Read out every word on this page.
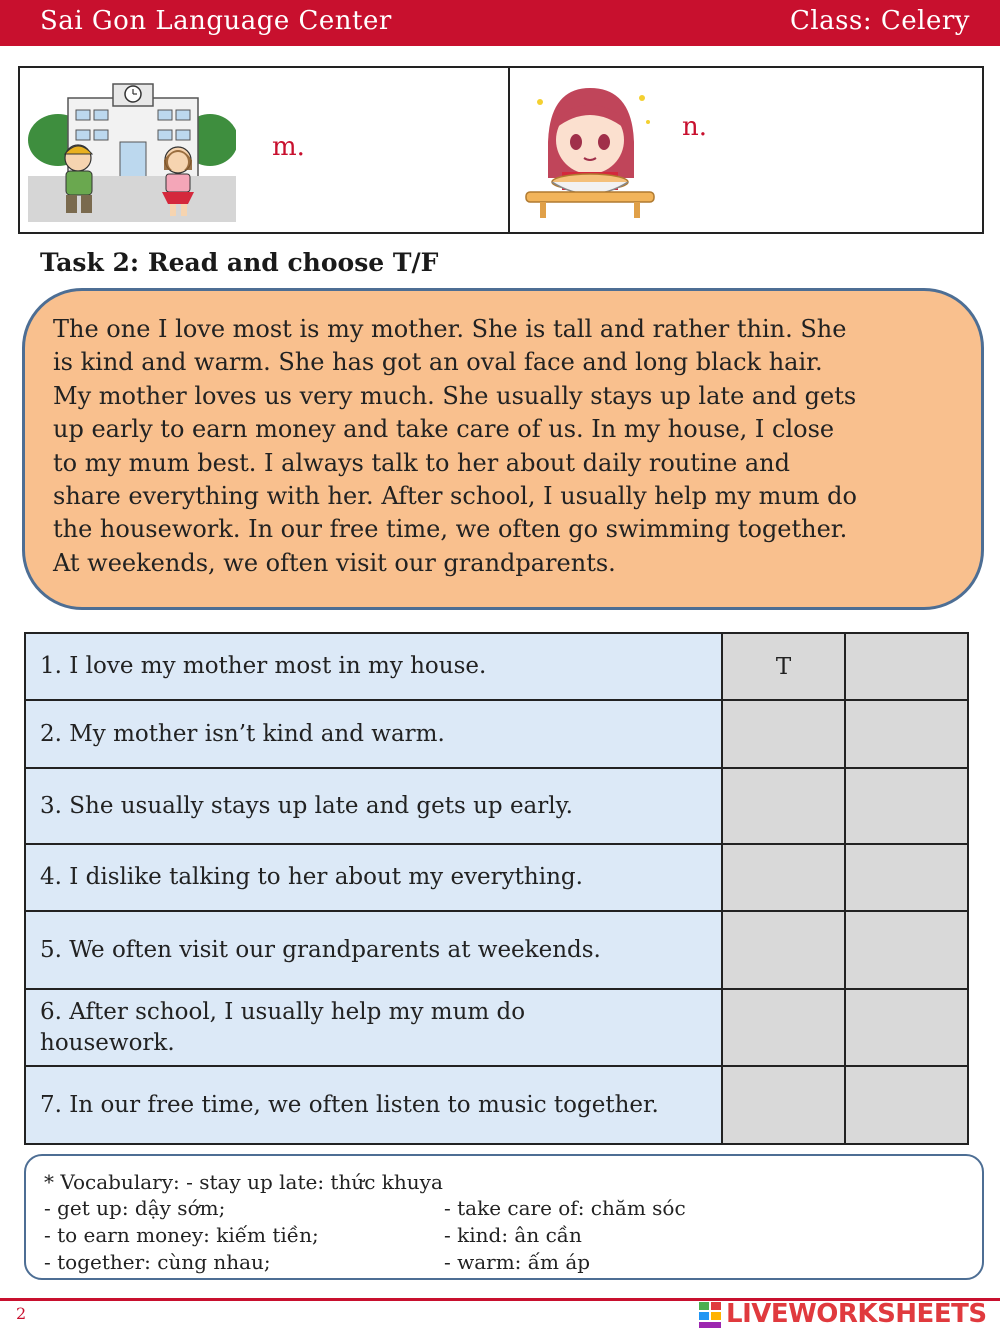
Sai Gon Language Center	Class: Celery
m.
n.
Task 2: Read and choose T/F
The one I love most is my mother. She is tall and rather thin. She
is kind and warm. She has got an oval face and long black hair.
My mother loves us very much. She usually stays up late and gets
up early to earn money and take care of us. In my house, I close
to my mum best. I always talk to her about daily routine and
share everything with her. After school, I usually help my mum do
the housework. In our free time, we often go swimming together.
At weekends, we often visit our grandparents.
1. I love my mother most in my house.	T	
2. My mother isn’t kind and warm.		
3. She usually stays up late and gets up early.		
4. I dislike talking to her about my everything.		
5. We often visit our grandparents at weekends.		
6. After school, I usually help my mum do housework.		
7. In our free time, we often listen to music together.		
* Vocabulary: - stay up late: thức khuya
- get up: dậy sớm;
- to earn money: kiếm tiền;
- together: cùng nhau;
- take care of: chăm sóc
- kind: ân cần
- warm: ấm áp
2	LIVEWORKSHEETS
